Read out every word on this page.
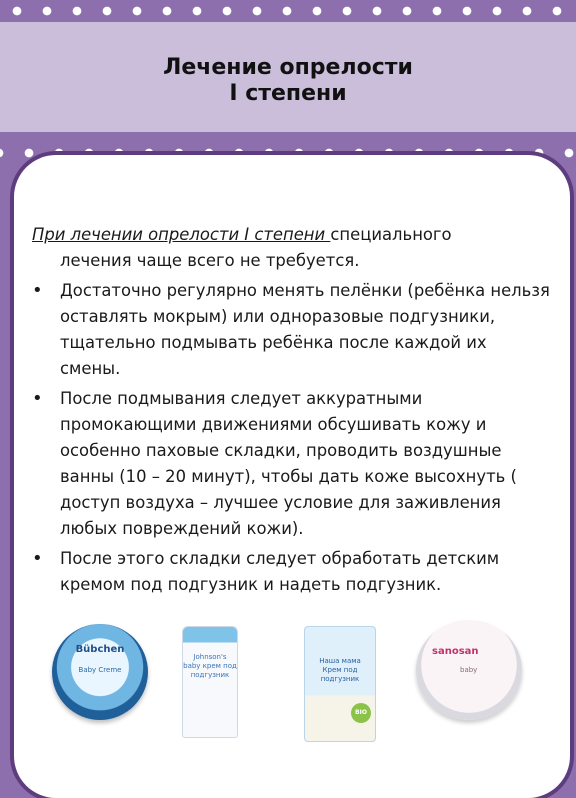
Лечение опрелости
I степени

При лечении опрелости I степени специального
лечения чаще всего не требуется.

• Достаточно регулярно менять пелёнки (ребёнка нельзя оставлять мокрым) или одноразовые подгузники, тщательно подмывать ребёнка после каждой их смены.
• После подмывания следует аккуратными промокающими движениями обсушивать кожу и особенно паховые складки, проводить воздушные ванны (10 – 20 минут), чтобы дать коже высохнуть ( доступ воздуха – лучшее условие для заживления любых повреждений кожи).
• После этого складки следует обработать детским кремом под подгузник и надеть подгузник.
Bübchen
Baby Creme
Johnson's
baby крем под подгузник
Наша мама
Крем под подгузник
BIO
sanosan
baby
